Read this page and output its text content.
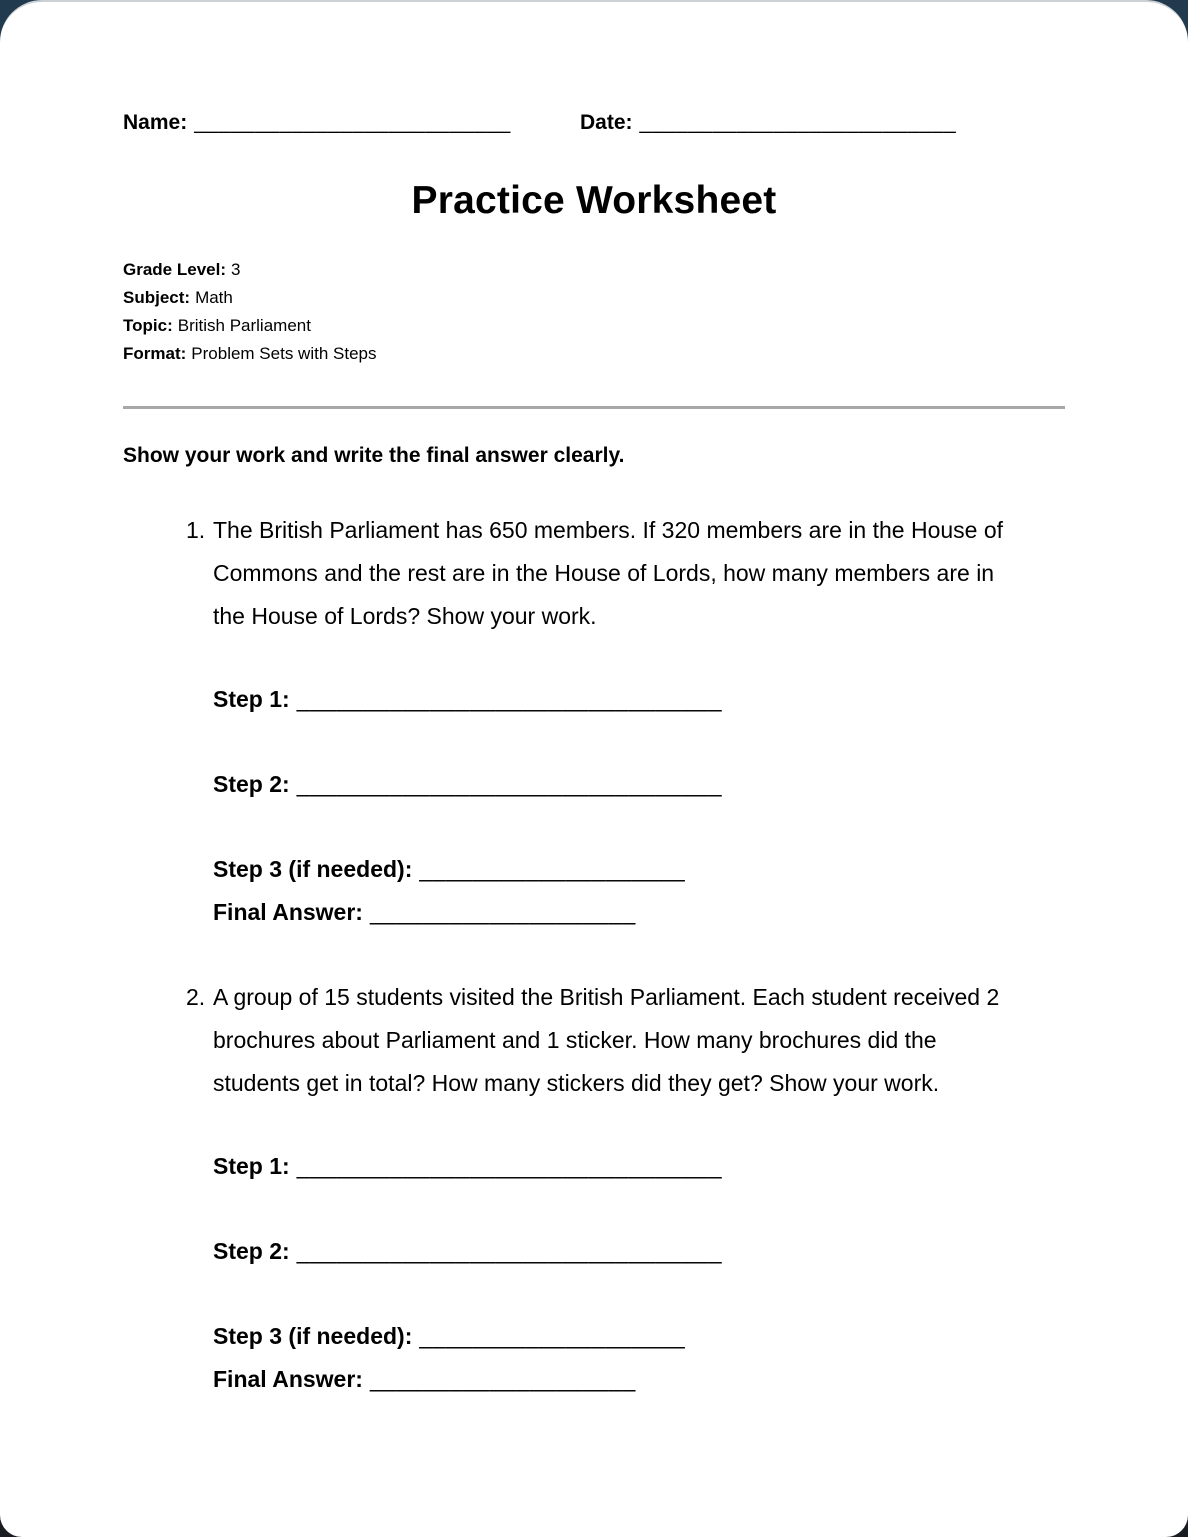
Name: __________________________	Date: __________________________
Practice Worksheet
Grade Level: 3
Subject: Math
Topic: British Parliament
Format: Problem Sets with Steps

Show your work and write the final answer clearly.

1. The British Parliament has 650 members. If 320 members are in the House of Commons and the rest are in the House of Lords, how many members are in the House of Lords? Show your work.

Step 1: ________________________________
Step 2: ________________________________
Step 3 (if needed): ____________________
Final Answer: ____________________
2. A group of 15 students visited the British Parliament. Each student received 2 brochures about Parliament and 1 sticker. How many brochures did the students get in total? How many stickers did they get? Show your work.

Step 1: ________________________________
Step 2: ________________________________
Step 3 (if needed): ____________________
Final Answer: ____________________
